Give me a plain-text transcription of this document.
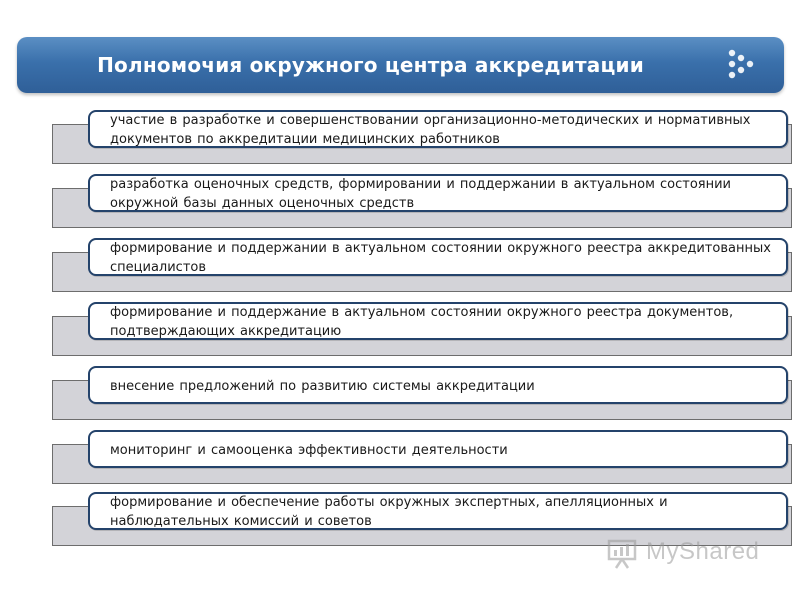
Полномочия окружного центра аккредитации
участие в разработке и совершенствовании организационно-методических и нормативных документов по аккредитации медицинских работников
разработка оценочных средств, формировании и поддержании в актуальном состоянии окружной базы данных оценочных средств
формирование и поддержании в актуальном состоянии окружного реестра аккредитованных специалистов
формирование и поддержание в актуальном состоянии окружного реестра документов, подтверждающих аккредитацию
внесение предложений по развитию системы аккредитации
мониторинг и самооценка эффективности деятельности
формирование и обеспечение работы окружных экспертных, апелляционных и наблюдательных комиссий и советов
MyShared
